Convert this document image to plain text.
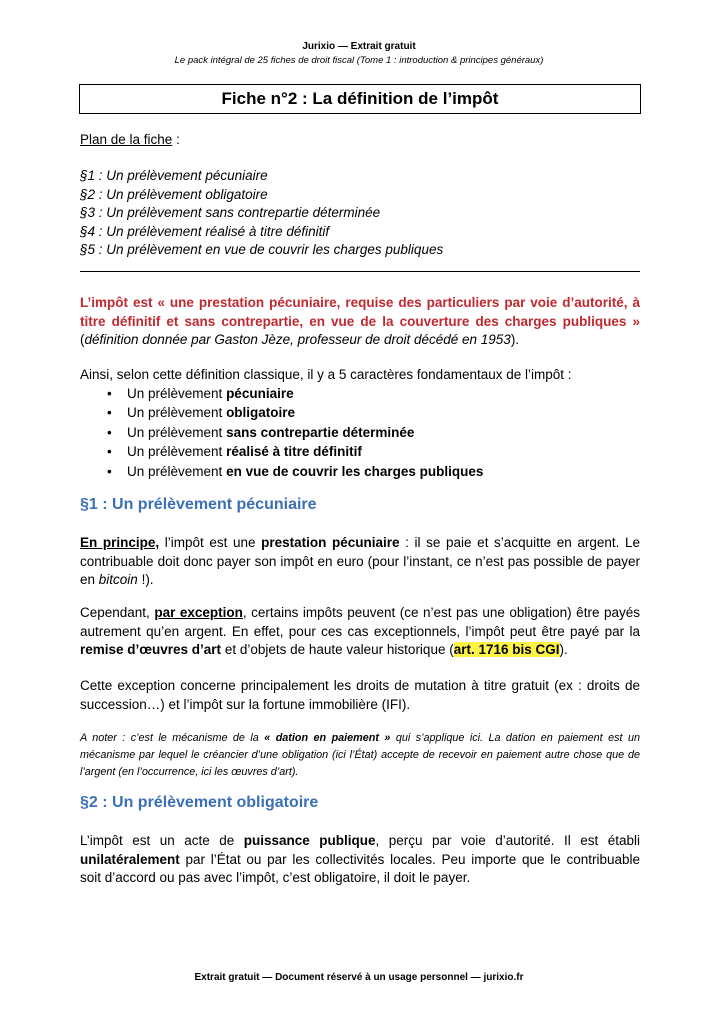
Jurixio — Extrait gratuit
Le pack intégral de 25 fiches de droit fiscal (Tome 1 : introduction & principes généraux)
Fiche n°2 : La définition de l’impôt
Plan de la fiche :
§1 : Un prélèvement pécuniaire
§2 : Un prélèvement obligatoire
§3 : Un prélèvement sans contrepartie déterminée
§4 : Un prélèvement réalisé à titre définitif
§5 : Un prélèvement en vue de couvrir les charges publiques
L’impôt est « une prestation pécuniaire, requise des particuliers par voie d’autorité, à titre définitif et sans contrepartie, en vue de la couverture des charges publiques » (définition donnée par Gaston Jèze, professeur de droit décédé en 1953).
Ainsi, selon cette définition classique, il y a 5 caractères fondamentaux de l’impôt :
• Un prélèvement pécuniaire
• Un prélèvement obligatoire
• Un prélèvement sans contrepartie déterminée
• Un prélèvement réalisé à titre définitif
• Un prélèvement en vue de couvrir les charges publiques
§1 : Un prélèvement pécuniaire
En principe, l’impôt est une prestation pécuniaire : il se paie et s’acquitte en argent. Le contribuable doit donc payer son impôt en euro (pour l’instant, ce n’est pas possible de payer en bitcoin !).
Cependant, par exception, certains impôts peuvent (ce n’est pas une obligation) être payés autrement qu’en argent. En effet, pour ces cas exceptionnels, l’impôt peut être payé par la remise d’œuvres d’art et d’objets de haute valeur historique (art. 1716 bis CGI).
Cette exception concerne principalement les droits de mutation à titre gratuit (ex : droits de succession…) et l’impôt sur la fortune immobilière (IFI).
A noter : c’est le mécanisme de la « dation en paiement » qui s’applique ici. La dation en paiement est un mécanisme par lequel le créancier d’une obligation (ici l’État) accepte de recevoir en paiement autre chose que de l’argent (en l’occurrence, ici les œuvres d’art).
§2 : Un prélèvement obligatoire
L’impôt est un acte de puissance publique, perçu par voie d’autorité. Il est établi unilatéralement par l’État ou par les collectivités locales. Peu importe que le contribuable soit d’accord ou pas avec l’impôt, c’est obligatoire, il doit le payer.
Extrait gratuit — Document réservé à un usage personnel — jurixio.fr
